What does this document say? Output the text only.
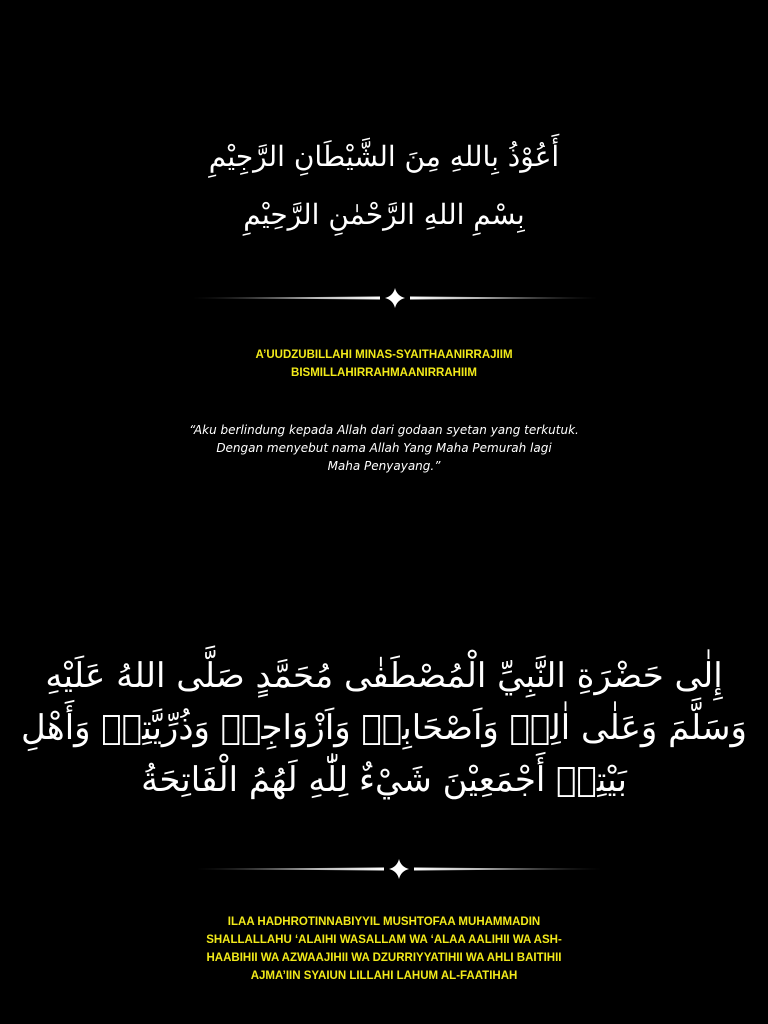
أَعُوْذُ بِاللهِ مِنَ الشَّيْطَانِ الرَّجِيْمِ
بِسْمِ اللهِ الرَّحْمٰنِ الرَّحِيْمِ
A’UUDZUBILLAHI MINAS-SYAITHAANIRRAJIIM
BISMILLAHIRRAHMAANIRRAHIIM
“Aku berlindung kepada Allah dari godaan syetan yang terkutuk.
Dengan menyebut nama Allah Yang Maha Pemurah lagi
Maha Penyayang.”
إِلٰى حَضْرَةِ النَّبِيِّ الْمُصْطَفٰى مُحَمَّدٍ صَلَّى اللهُ عَلَيْهِ
وَسَلَّمَ وَعَلٰى اٰلِهٖ وَاَصْحَابِهٖ وَاَزْوَاجِهٖ وَذُرِّيَّتِهٖ وَأَهْلِ
بَيْتِهٖ أَجْمَعِيْنَ شَيْءٌ لِلّٰهِ لَهُمُ الْفَاتِحَةُ
ILAA HADHROTINNABIYYIL MUSHTOFAA MUHAMMADIN
SHALLALLAHU ‘ALAIHI WASALLAM WA ‘ALAA AALIHII WA ASH-
HAABIHII WA AZWAAJIHII WA DZURRIYYATIHII WA AHLI BAITIHII
AJMA’IIN SYAIUN LILLAHI LAHUM AL-FAATIHAH
